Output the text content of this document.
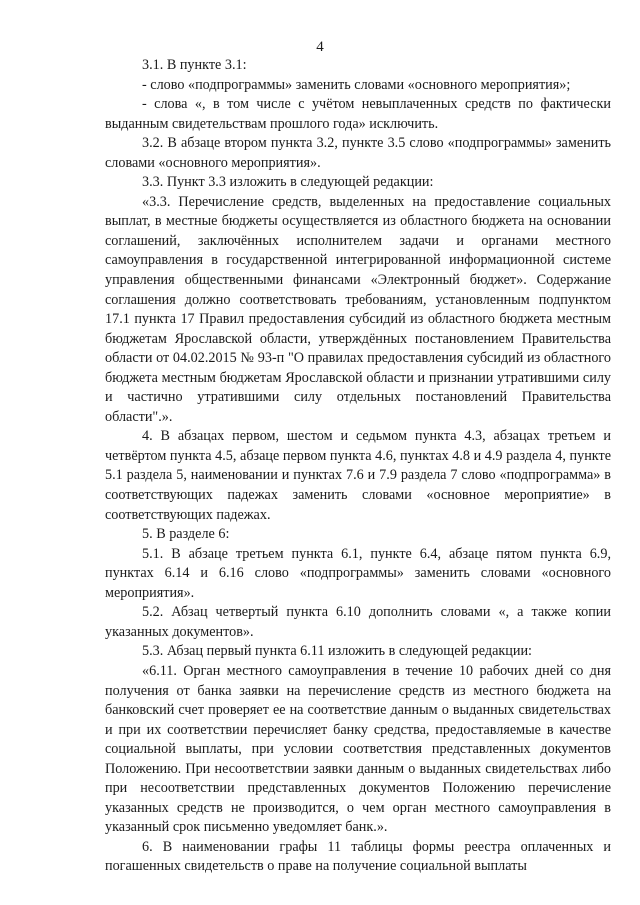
4

3.1. В пункте 3.1:

- слово «подпрограммы» заменить словами «основного мероприятия»;

- слова «, в том числе с учётом невыплаченных средств по фактически выданным свидетельствам прошлого года» исключить.

3.2. В абзаце втором пункта 3.2, пункте 3.5 слово «подпрограммы» заменить словами «основного мероприятия».

3.3. Пункт 3.3 изложить в следующей редакции:

«3.3. Перечисление средств, выделенных на предоставление социальных выплат, в местные бюджеты осуществляется из областного бюджета на основании соглашений, заключённых исполнителем задачи и органами местного самоуправления в государственной интегрированной информационной системе управления общественными финансами «Электронный бюджет». Содержание соглашения должно соответствовать требованиям, установленным подпунктом 17.1 пункта 17 Правил предоставления субсидий из областного бюджета местным бюджетам Ярославской области, утверждённых постановлением Правительства области от 04.02.2015 № 93-п "О правилах предоставления субсидий из областного бюджета местным бюджетам Ярославской области и признании утратившими силу и частично утратившими силу отдельных постановлений Правительства области".».

4. В абзацах первом, шестом и седьмом пункта 4.3, абзацах третьем и четвёртом пункта 4.5, абзаце первом пункта 4.6, пунктах 4.8 и 4.9 раздела 4, пункте 5.1 раздела 5, наименовании и пунктах 7.6 и 7.9 раздела 7 слово «подпрограмма» в соответствующих падежах заменить словами «основное мероприятие» в соответствующих падежах.

5. В разделе 6:

5.1. В абзаце третьем пункта 6.1, пункте 6.4, абзаце пятом пункта 6.9, пунктах 6.14 и 6.16 слово «подпрограммы» заменить словами «основного мероприятия».

5.2. Абзац четвертый пункта 6.10 дополнить словами «, а также копии указанных документов».

5.3. Абзац первый пункта 6.11 изложить в следующей редакции:

«6.11. Орган местного самоуправления в течение 10 рабочих дней со дня получения от банка заявки на перечисление средств из местного бюджета на банковский счет проверяет ее на соответствие данным о выданных свидетельствах и при их соответствии перечисляет банку средства, предоставляемые в качестве социальной выплаты, при условии соответствия представленных документов Положению. При несоответствии заявки данным о выданных свидетельствах либо при несоответствии представленных документов Положению перечисление указанных средств не производится, о чем орган местного самоуправления в указанный срок письменно уведомляет банк.».

6. В наименовании графы 11 таблицы формы реестра оплаченных и погашенных свидетельств о праве на получение социальной выплаты
